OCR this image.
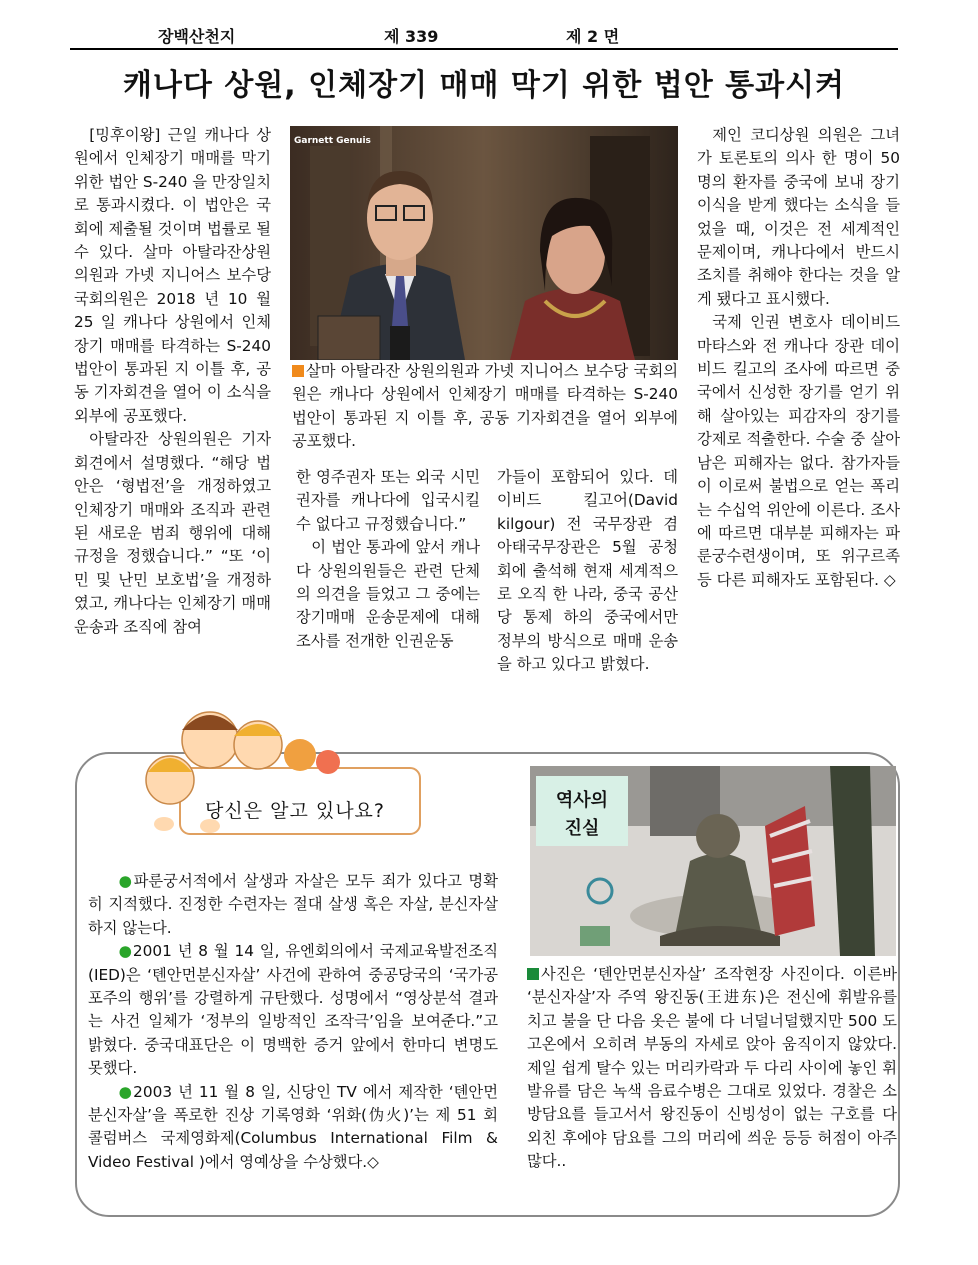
장백산천지	제 339	제 2 면
캐나다 상원, 인체장기 매매 막기 위한 법안 통과시켜

[밍후이왕] 근일 캐나다 상원에서 인체장기 매매를 막기 위한 법안 S-240 을 만장일치로 통과시켰다. 이 법안은 국회에 제출될 것이며 법률로 될 수 있다. 살마 아탈라잔상원 의원과 가넷 지니어스 보수당 국회의원은 2018 년 10 월 25 일 캐나다 상원에서 인체장기 매매를 타격하는 S-240 법안이 통과된 지 이틀 후, 공동 기자회견을 열어 이 소식을 외부에 공포했다.

아탈라잔 상원의원은 기자회견에서 설명했다. “해당 법안은 ‘형법전’을 개정하였고 인체장기 매매와 조직과 관련된 새로운 범죄 행위에 대해 규정을 정했습니다.” “또 ‘이민 및 난민 보호법’을 개정하였고, 캐나다는 인체장기 매매 운송과 조직에 참여

Garnett Genuis
살마 아탈라잔 상원의원과 가넷 지니어스 보수당 국회의원은 캐나다 상원에서 인체장기 매매를 타격하는 S-240 법안이 통과된 지 이틀 후, 공동 기자회견을 열어 외부에 공포했다.

한 영주권자 또는 외국 시민권자를 캐나다에 입국시킬 수 없다고 규정했습니다.”

이 법안 통과에 앞서 캐나다 상원의원들은 관련 단체의 의견을 들었고 그 중에는 장기매매 운송문제에 대해 조사를 전개한 인권운동

가들이 포함되어 있다. 데이비드 킬고어(David kilgour) 전 국무장관 겸 아태국무장관은 5월 공청회에 출석해 현재 세계적으로 오직 한 나라, 중국 공산당 통제 하의 중국에서만 정부의 방식으로 매매 운송을 하고 있다고 밝혔다.

제인 코디상원 의원은 그녀가 토론토의 의사 한 명이 50 명의 환자를 중국에 보내 장기이식을 받게 했다는 소식을 들었을 때, 이것은 전 세계적인 문제이며, 캐나다에서 반드시 조치를 취해야 한다는 것을 알게 됐다고 표시했다.

국제 인권 변호사 데이비드 마타스와 전 캐나다 장관 데이비드 킬고의 조사에 따르면 중국에서 신성한 장기를 얻기 위해 살아있는 피감자의 장기를 강제로 적출한다. 수술 중 살아남은 피해자는 없다. 참가자들이 이로써 불법으로 얻는 폭리는 수십억 위안에 이른다. 조사에 따르면 대부분 피해자는 파룬궁수련생이며, 또 위구르족 등 다른 피해자도 포함된다. ◇

당신은 알고 있나요?

●파룬궁서적에서 살생과 자살은 모두 죄가 있다고 명확히 지적했다. 진정한 수련자는 절대 살생 혹은 자살, 분신자살 하지 않는다.

●2001 년 8 월 14 일, 유엔회의에서 국제교육발전조직(IED)은 ‘톈안먼분신자살’ 사건에 관하여 중공당국의 ‘국가공포주의 행위’를 강렬하게 규탄했다. 성명에서 “영상분석 결과는 사건 일체가 ‘정부의 일방적인 조작극’임을 보여준다.”고 밝혔다. 중국대표단은 이 명백한 증거 앞에서 한마디 변명도 못했다.

●2003 년 11 월 8 일, 신당인 TV 에서 제작한 ‘톈안먼분신자살’을 폭로한 진상 기록영화 ‘위화(伪火)’는 제 51 회 콜럼버스 국제영화제(Columbus International Film & Video Festival )에서 영예상을 수상했다.◇

역사의
진실
사진은 ‘톈안먼분신자살’ 조작현장 사진이다. 이른바 ‘분신자살’자 주역 왕진동(王进东)은 전신에 휘발유를 치고 불을 단 다음 옷은 불에 다 너덜너덜했지만 500 도 고온에서 오히려 부동의 자세로 앉아 움직이지 않았다. 제일 쉽게 탈수 있는 머리카락과 두 다리 사이에 놓인 휘발유를 담은 녹색 음료수병은 그대로 있었다. 경찰은 소방담요를 들고서서 왕진동이 신빙성이 없는 구호를 다 외친 후에야 담요를 그의 머리에 씌운 등등 허점이 아주 많다..
